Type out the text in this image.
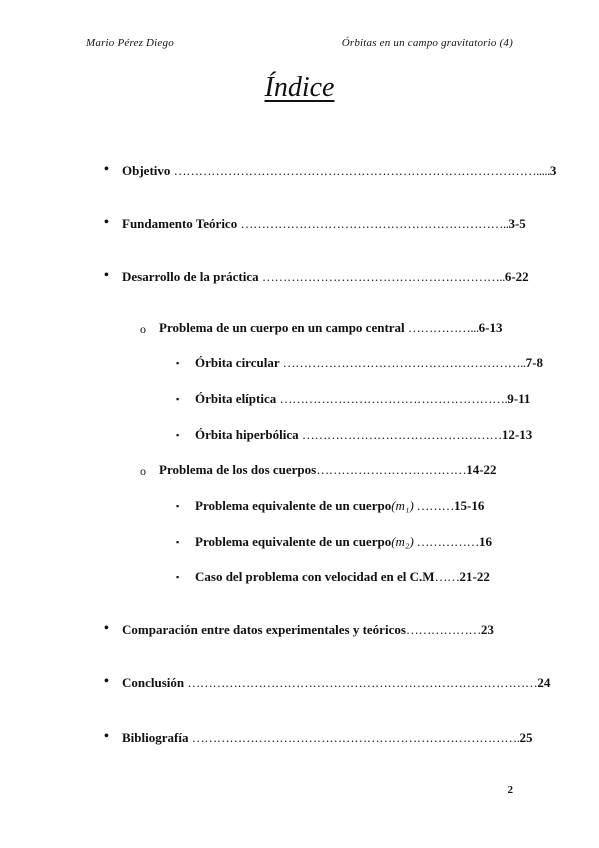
Mario Pérez Diego	Órbitas en un campo gravitatorio (4)
Índice
• Objetivo …………………………………………………………………………….....3
• Fundamento Teórico ………………………………………………………..3-5
• Desarrollo de la práctica …………………………………………………..6-22
o Problema de un cuerpo en un campo central ……………...6-13
▪ Órbita circular …………………………………………………..7-8
▪ Órbita elíptica ……………………………………………….9-11
▪ Órbita hiperbólica …………………………………………12-13
o Problema de los dos cuerpos………………………………14-22
▪ Problema equivalente de un cuerpo(m₁) ………15-16
▪ Problema equivalente de un cuerpo(m₂) ……………16
▪ Caso del problema con velocidad en el C.M……21-22
• Comparación entre datos experimentales y teóricos………………23
• Conclusión …………………………………………………………………………24
• Bibliografía …………………………………………………………………….25
2
